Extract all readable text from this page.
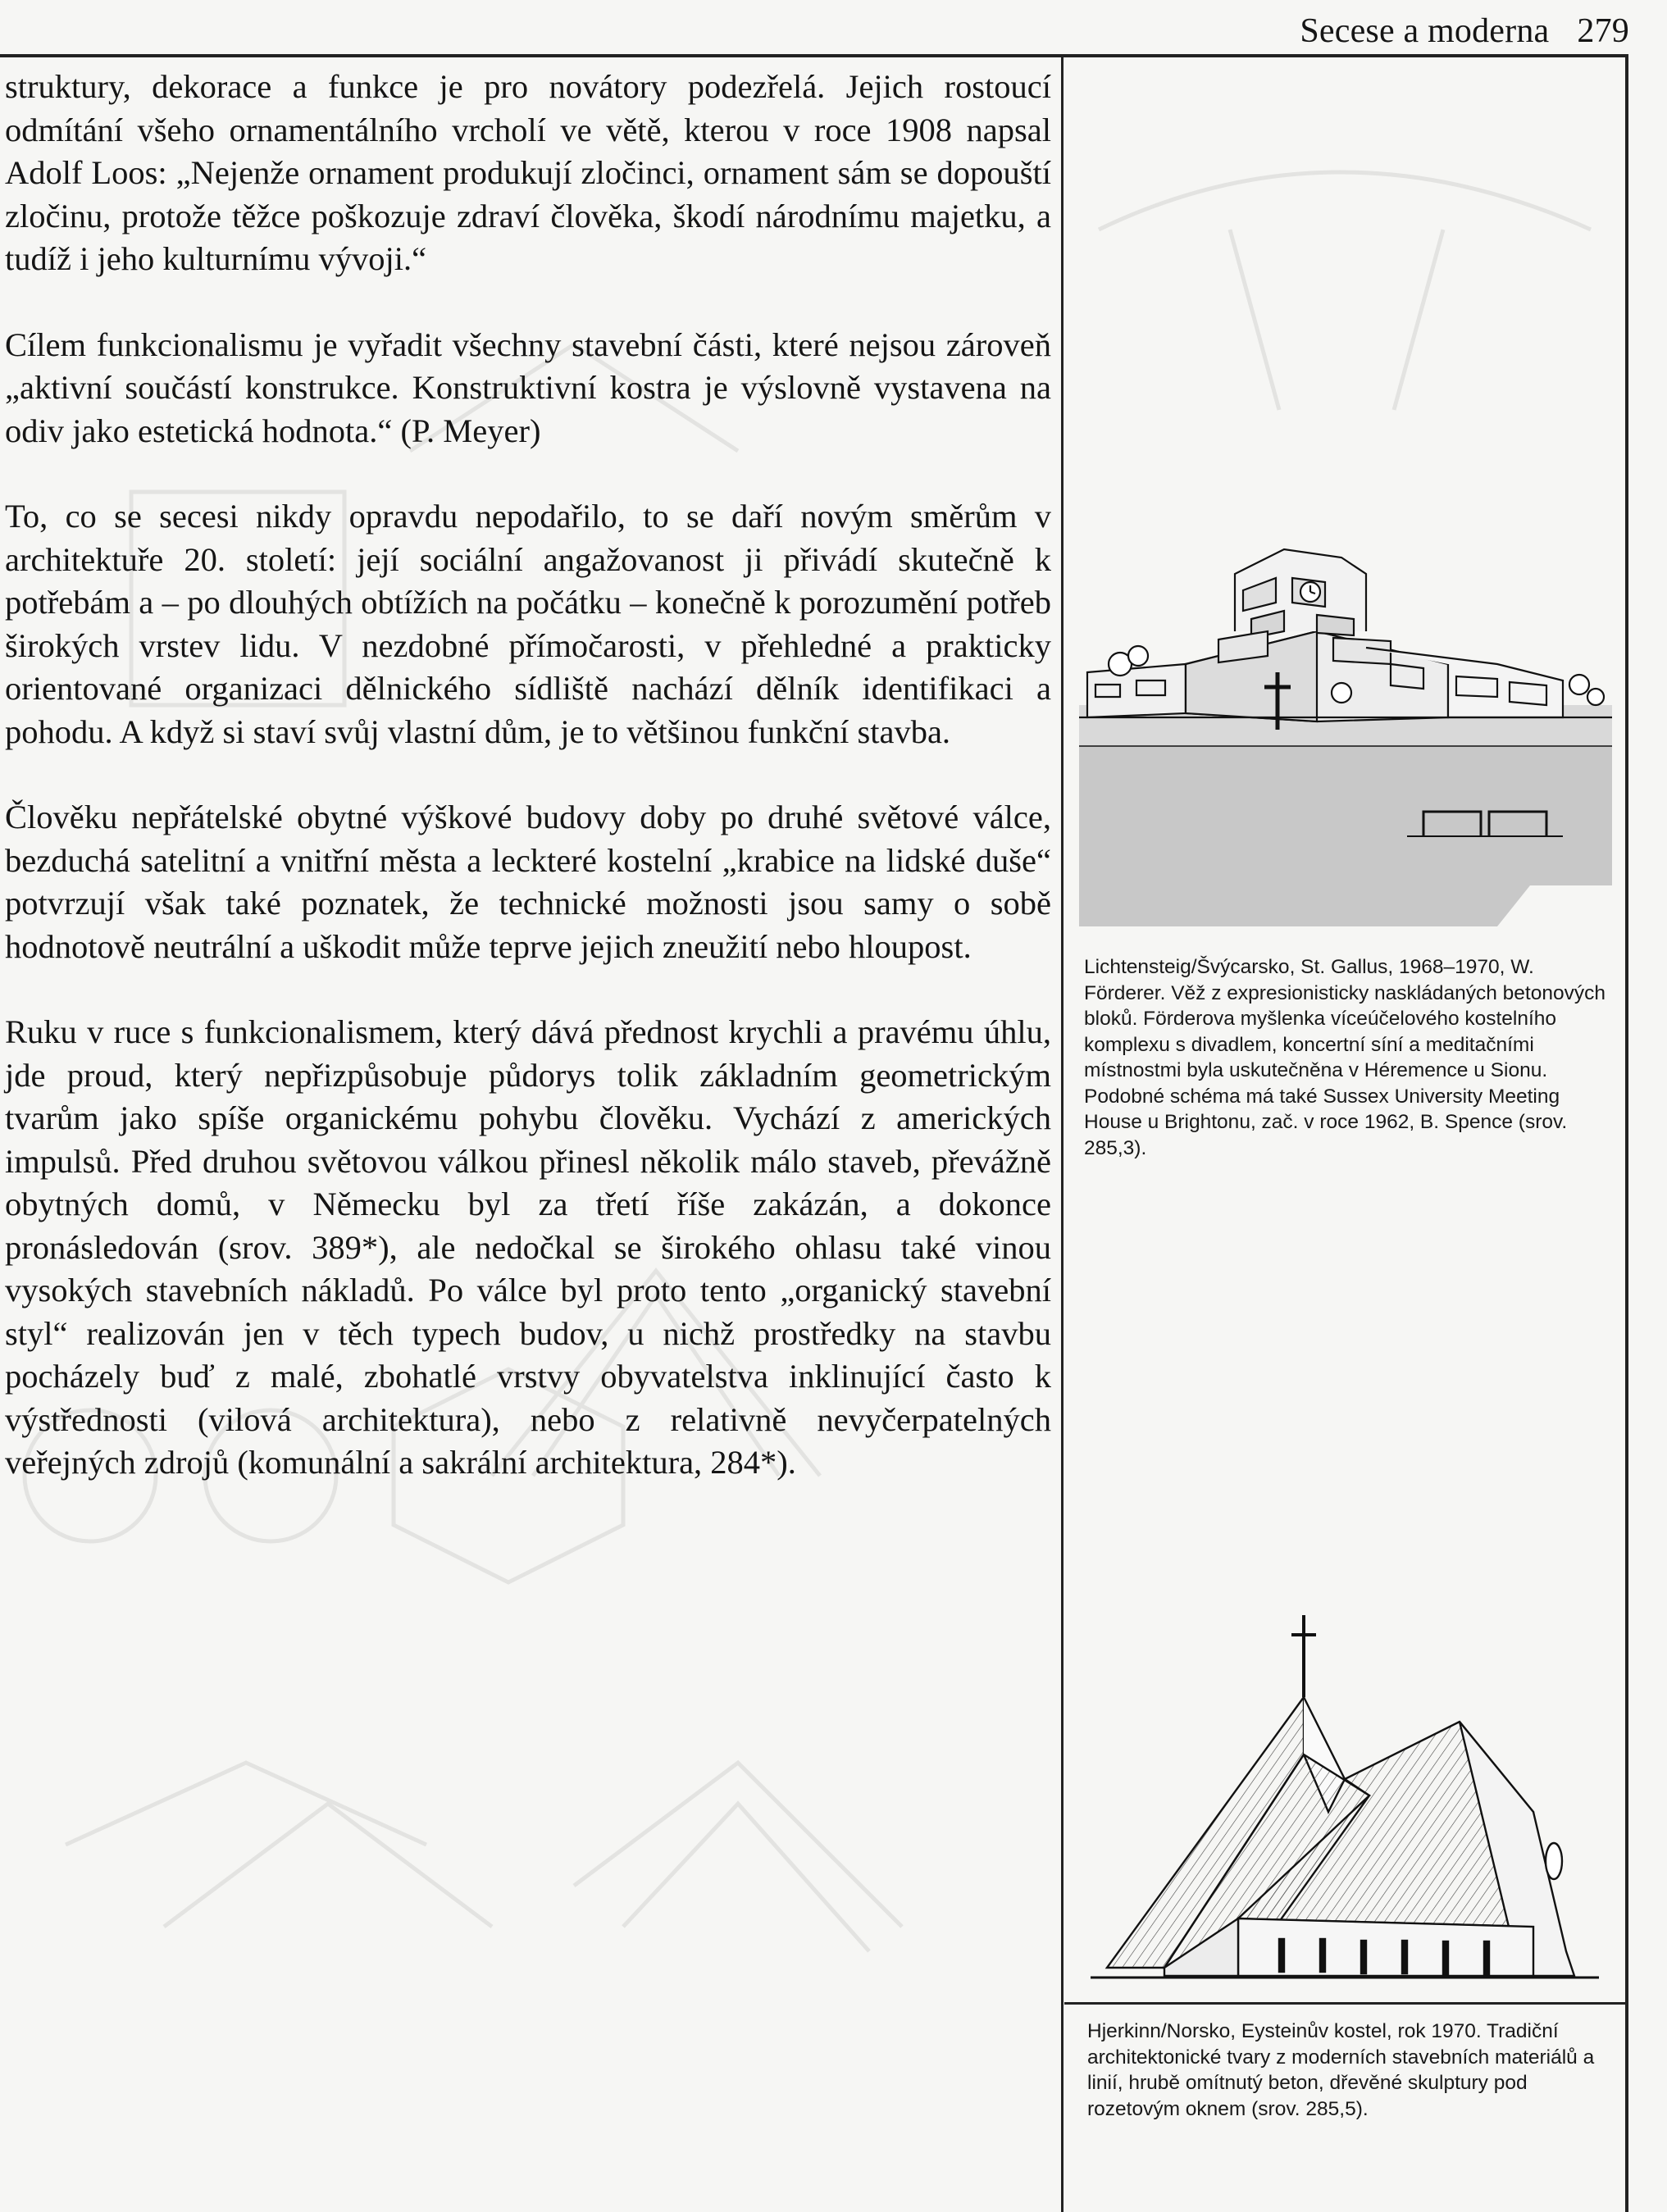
Secese a moderna 279

struktury, dekorace a funkce je pro novátory podezřelá. Jejich rostoucí odmítání všeho ornamentálního vrcholí ve větě, kterou v roce 1908 napsal Adolf Loos: „Nejenže ornament produkují zločinci, ornament sám se dopouští zločinu, protože těžce poškozuje zdraví člověka, škodí národnímu majetku, a tudíž i jeho kulturnímu vývoji.“

Cílem funkcionalismu je vyřadit všechny stavební části, které nejsou zároveň „aktivní součástí konstrukce. Konstruktivní kostra je výslovně vystavena na odiv jako estetická hodnota.“ (P. Meyer)

To, co se secesi nikdy opravdu nepodařilo, to se daří novým směrům v architektuře 20. století: její sociální angažovanost ji přivádí skutečně k potřebám a – po dlouhých obtížích na počátku – konečně k porozumění potřeb širokých vrstev lidu. V nezdobné přímočarosti, v přehledné a prakticky orientované organizaci dělnického sídliště nachází dělník identifikaci a pohodu. A když si staví svůj vlastní dům, je to většinou funkční stavba.

Člověku nepřátelské obytné výškové budovy doby po druhé světové válce, bezduchá satelitní a vnitřní města a leckteré kostelní „krabice na lidské duše“ potvrzují však také poznatek, že technické možnosti jsou samy o sobě hodnotově neutrální a uškodit může teprve jejich zneužití nebo hloupost.

Ruku v ruce s funkcionalismem, který dává přednost krychli a pravému úhlu, jde proud, který nepřizpůsobuje půdorys tolik základním geometrickým tvarům jako spíše organickému pohybu člověku. Vychází z amerických impulsů. Před druhou světovou válkou přinesl několik málo staveb, převážně obytných domů, v Německu byl za třetí říše zakázán, a dokonce pronásledován (srov. 389*), ale nedočkal se širokého ohlasu také vinou vysokých stavebních nákladů. Po válce byl proto tento „organický stavební styl“ realizován jen v těch typech budov, u nichž prostředky na stavbu pocházely buď z malé, zbohatlé vrstvy obyvatelstva inklinující často k výstřednosti (vilová architektura), nebo z relativně nevyčerpatelných veřejných zdrojů (komunální a sakrální architektura, 284*).

Lichtensteig/Švýcarsko, St. Gallus, 1968–1970, W. Förderer. Věž z expresionisticky naskládaných betonových bloků. Förderova myšlenka víceúčelového kostelního komplexu s divadlem, koncertní síní a meditačními místnostmi byla uskutečněna v Héremence u Sionu. Podobné schéma má také Sussex University Meeting House u Brightonu, zač. v roce 1962, B. Spence (srov. 285,3).
Hjerkinn/Norsko, Eysteinův kostel, rok 1970. Tradiční architektonické tvary z moderních stavebních materiálů a linií, hrubě omítnutý beton, dřevěné skulptury pod rozetovým oknem (srov. 285,5).
